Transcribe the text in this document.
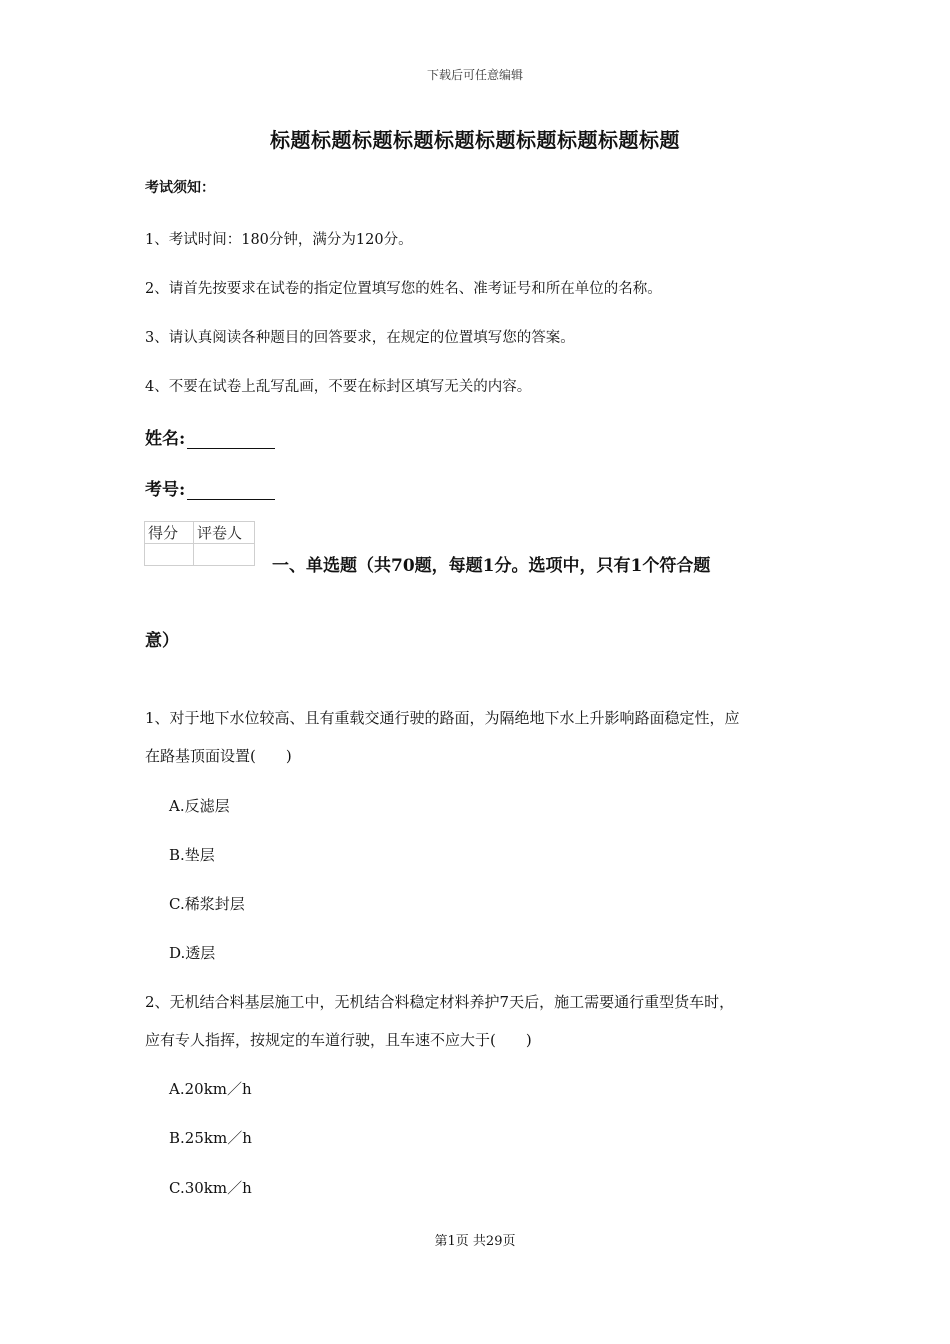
下载后可任意编辑
标题标题标题标题标题标题标题标题标题标题
考试须知：
1、考试时间：180分钟，满分为120分。
2、请首先按要求在试卷的指定位置填写您的姓名、准考证号和所在单位的名称。
3、请认真阅读各种题目的回答要求，在规定的位置填写您的答案。
4、不要在试卷上乱写乱画，不要在标封区填写无关的内容。
姓名:
考号:
得分	评卷人

一、单选题（共70题，每题1分。选项中，只有1个符合题
意）
1、对于地下水位较高、且有重载交通行驶的路面，为隔绝地下水上升影响路面稳定性，应
在路基顶面设置(　　)
A.反滤层
B.垫层
C.稀浆封层
D.透层
2、无机结合料基层施工中，无机结合料稳定材料养护7天后，施工需要通行重型货车时，
应有专人指挥，按规定的车道行驶，且车速不应大于(　　)
A.20km／h
B.25km／h
C.30km／h
第1页 共29页
